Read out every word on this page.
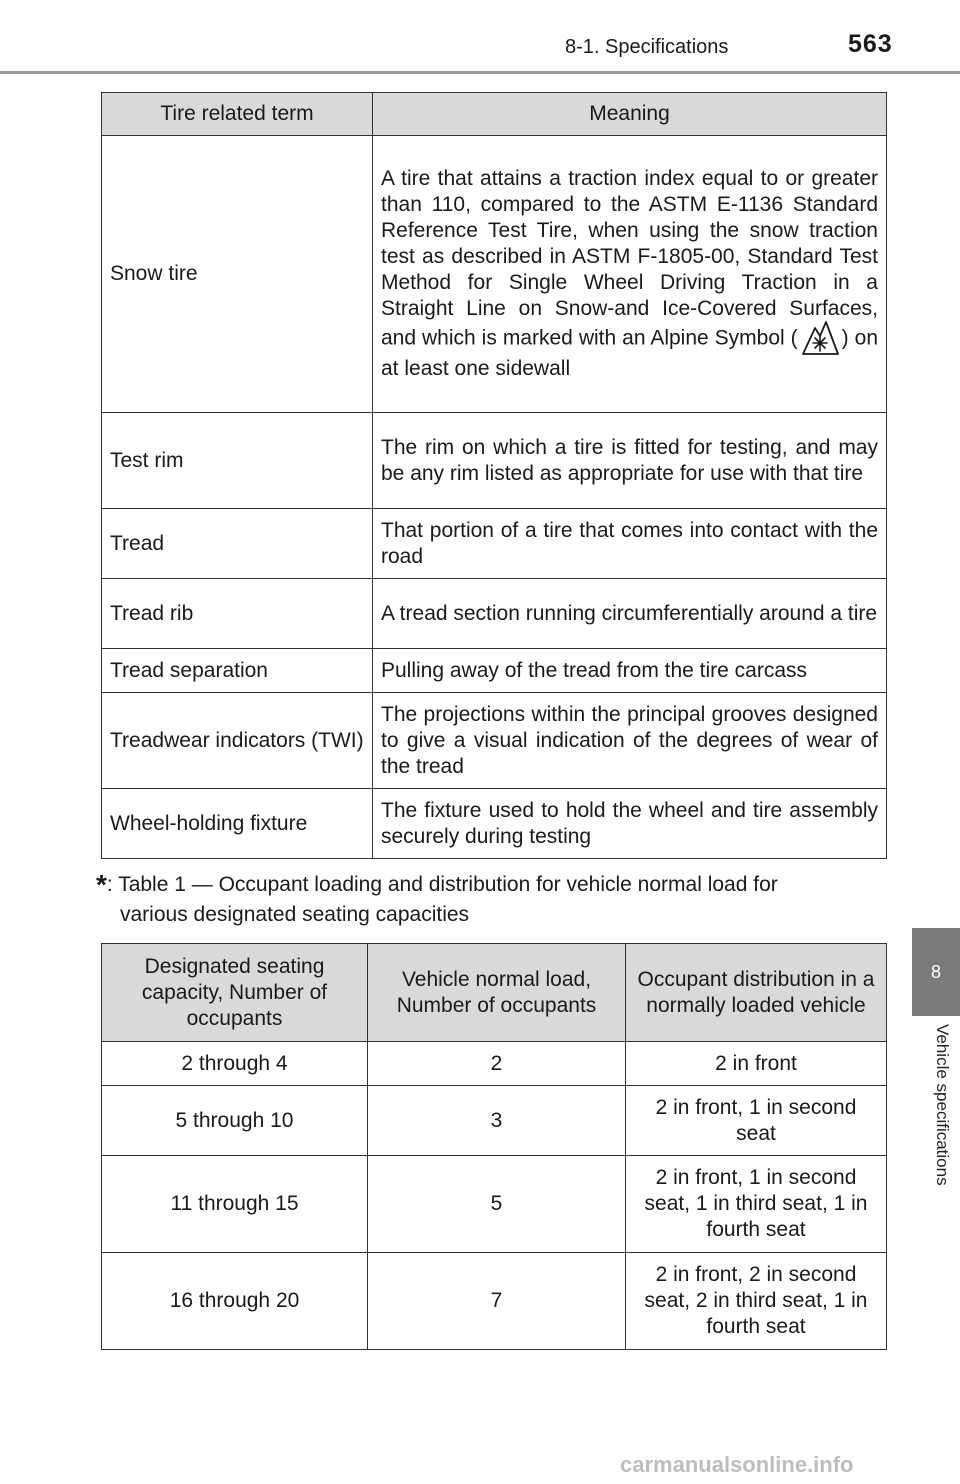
8-1. Specifications	563
8
Vehicle specifications
Tire related term	Meaning
Snow tire	A tire that attains a traction index equal to or greater than 110, compared to the ASTM E-1136 Standard Reference Test Tire, when using the snow traction test as described in ASTM F-1805-00, Standard Test Method for Single Wheel Driving Traction in a Straight Line on Snow-and Ice-Covered Surfaces, and which is marked with an Alpine Symbol ( ) on at least one sidewall
Test rim	The rim on which a tire is fitted for testing, and may be any rim listed as appropriate for use with that tire
Tread	That portion of a tire that comes into contact with the road
Tread rib	A tread section running circumferentially around a tire
Tread separation	Pulling away of the tread from the tire carcass
Treadwear indicators (TWI)	The projections within the principal grooves designed to give a visual indication of the degrees of wear of the tread
Wheel-holding fixture	The fixture used to hold the wheel and tire assembly securely during testing
*: Table 1 — Occupant loading and distribution for vehicle normal load for
various designated seating capacities
Designated seating capacity, Number of occupants	Vehicle normal load, Number of occupants	Occupant distribution in a normally loaded vehicle
2 through 4	2	2 in front
5 through 10	3	2 in front, 1 in second seat
11 through 15	5	2 in front, 1 in second seat, 1 in third seat, 1 in fourth seat
16 through 20	7	2 in front, 2 in second seat, 2 in third seat, 1 in fourth seat
carmanualsonline.info
